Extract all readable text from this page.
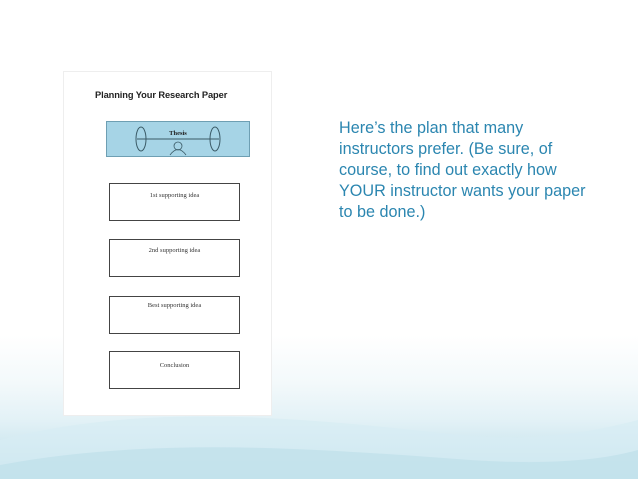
Planning Your Research Paper
Thesis
1st supporting idea
2nd supporting idea
Best supporting idea
Conclusion
Here’s the plan that many instructors prefer. (Be sure, of course, to find out exactly how YOUR instructor wants your paper to be done.)
